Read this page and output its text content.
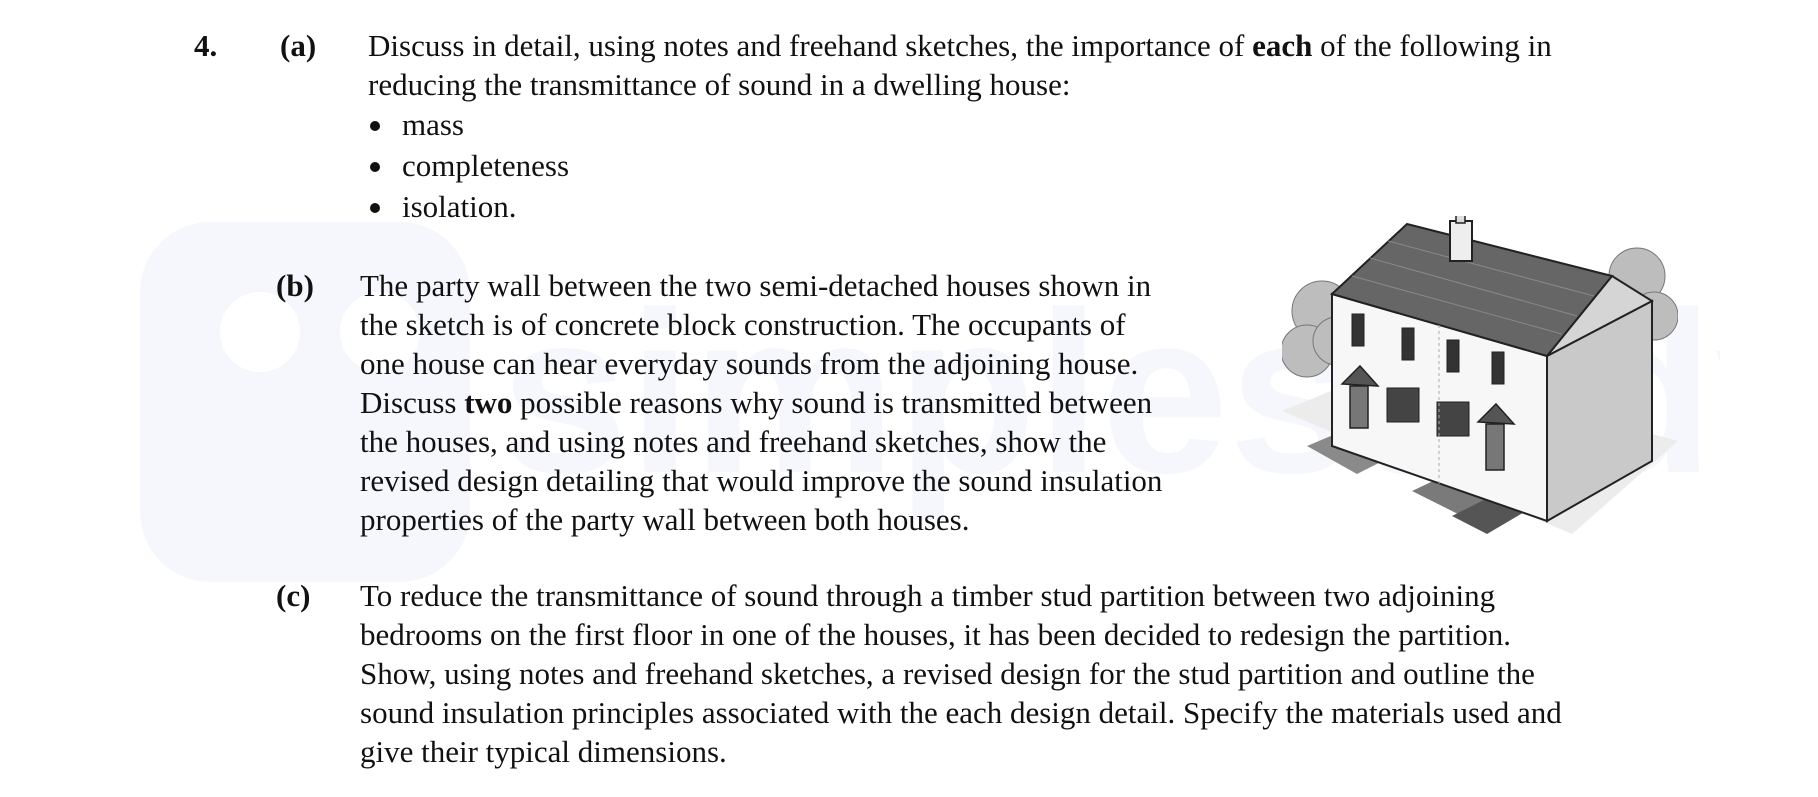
4. (a) Discuss in detail, using notes and freehand sketches, the importance of each of the following in
reducing the transmittance of sound in a dwelling house:
mass
completeness
isolation.
(b) The party wall between the two semi-detached houses shown in
the sketch is of concrete block construction. The occupants of
one house can hear everyday sounds from the adjoining house.
Discuss two possible reasons why sound is transmitted between
the houses, and using notes and freehand sketches, show the
revised design detailing that would improve the sound insulation
properties of the party wall between both houses.
(c) To reduce the transmittance of sound through a timber stud partition between two adjoining
bedrooms on the first floor in one of the houses, it has been decided to redesign the partition.
Show, using notes and freehand sketches, a revised design for the stud partition and outline the
sound insulation principles associated with the each design detail. Specify the materials used and
give their typical dimensions.
